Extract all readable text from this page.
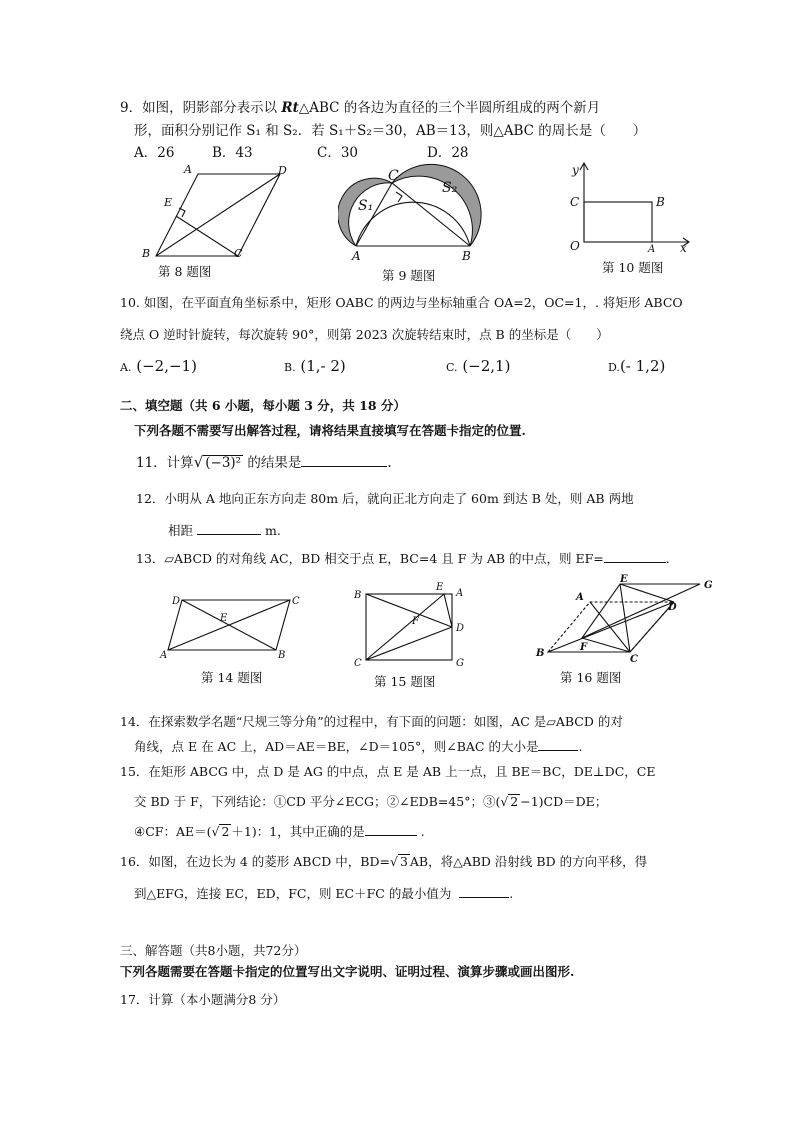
9．如图，阴影部分表示以 Rt△ABC 的各边为直径的三个半圆所组成的两个新月
形，面积分别记作 S₁ 和 S₂．若 S₁＋S₂＝30，AB＝13，则△ABC 的周长是（　　）
A．26	B．43	C．30	D．28
A	D
E
B	C
第 8 题图
C
S₁
S₂
A	B
第 9 题图
y
C	B
O	A x
第 10 题图
10. 如图，在平面直角坐标系中，矩形 OABC 的两边与坐标轴重合 OA=2，OC=1，. 将矩形 ABCO
绕点 O 逆时针旋转，每次旋转 90°，则第 2023 次旋转结束时，点 B 的坐标是（　　）
A. (−2,−1)	B. (1,- 2)	C. (−2,1)	D.(- 1,2)
二、填空题（共 6 小题，每小题 3 分，共 18 分）
下列各题不需要写出解答过程，请将结果直接填写在答题卡指定的位置.
11．计算√ (−3)² 的结果是	.
12．小明从 A 地向正东方向走 80m 后，就向正北方向走了 60m 到达 B 处，则 AB 两地
相距	m.
13．▱ABCD 的对角线 AC，BD 相交于点 E，BC=4 且 F 为 AB 的中点，则 EF=	.
D	C
E
A	B
第 14 题图
B
E
A
F
D
C	G
第 15 题图
E
G
A
D
F
B
C
第 16 题图
14．在探索数学名题“尺规三等分角”的过程中，有下面的问题：如图，AC 是▱ABCD 的对
角线，点 E 在 AC 上，AD＝AE＝BE，∠D＝105°，则∠BAC 的大小是	.
15．在矩形 ABCG 中，点 D 是 AG 的中点，点 E 是 AB 上一点，且 BE＝BC，DE⊥DC，CE
交 BD 于 F，下列结论：①CD 平分∠ECG；②∠EDB=45°；③(√ 2 −1)CD＝DE；
④CF：AE＝(√ 2 ＋1)：1，其中正确的是	.
16．如图，在边长为 4 的菱形 ABCD 中，BD=√ 3 AB，将△ABD 沿射线 BD 的方向平移，得
到△EFG，连接 EC，ED，FC，则 EC＋FC 的最小值为	.
三、解答题（共8小题，共72分）
下列各题需要在答题卡指定的位置写出文字说明、证明过程、演算步骤或画出图形.
17．计算（本小题满分8 分）
